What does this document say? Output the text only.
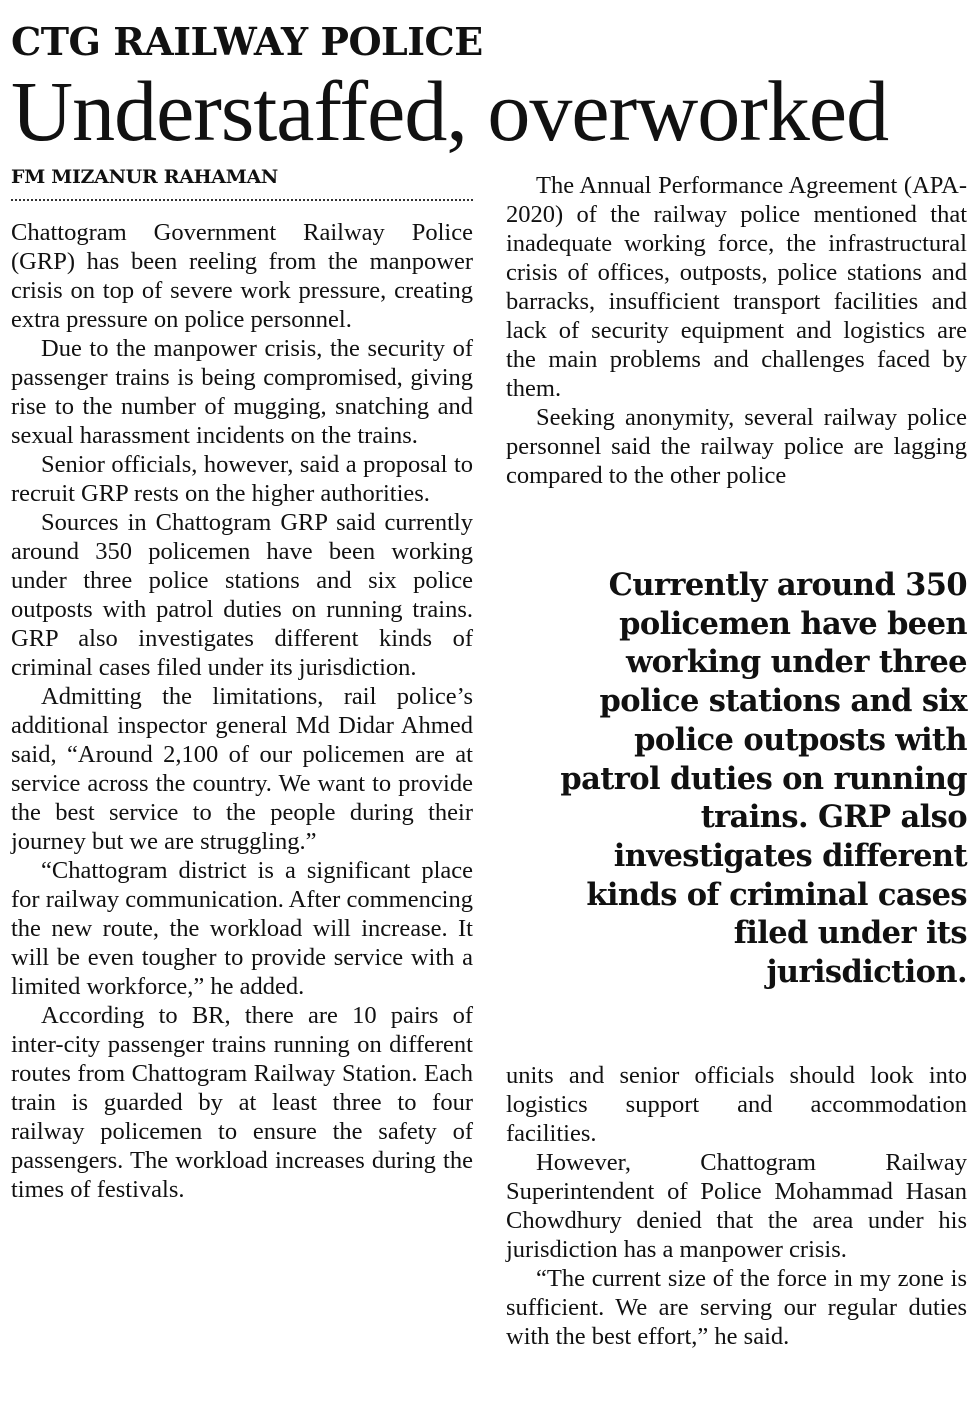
CTG RAILWAY POLICE
Understaffed, overworked
FM MIZANUR RAHAMAN

Chattogram Government Railway Police (GRP) has been reeling from the manpower crisis on top of severe work pressure, creating extra pressure on police personnel.

Due to the manpower crisis, the security of passenger trains is being compromised, giving rise to the number of mugging, snatching and sexual harassment incidents on the trains.

Senior officials, however, said a proposal to recruit GRP rests on the higher authorities.

Sources in Chattogram GRP said currently around 350 policemen have been working under three police stations and six police outposts with patrol duties on running trains. GRP also investigates different kinds of criminal cases filed under its jurisdiction.

Admitting the limitations, rail police’s additional inspector general Md Didar Ahmed said, “Around 2,100 of our policemen are at service across the country. We want to provide the best service to the people during their journey but we are struggling.”

“Chattogram district is a significant place for railway communication. After commencing the new route, the workload will increase. It will be even tougher to provide service with a limited workforce,” he added.

According to BR, there are 10 pairs of inter-city passenger trains running on different routes from Chattogram Railway Station. Each train is guarded by at least three to four railway policemen to ensure the safety of passengers. The workload increases during the times of festivals.

The Annual Performance Agreement (APA-2020) of the railway police mentioned that inadequate working force, the infrastructural crisis of offices, outposts, police stations and barracks, insufficient transport facilities and lack of security equipment and logistics are the main problems and challenges faced by them.

Seeking anonymity, several railway police personnel said the railway police are lagging compared to the other police

Currently around 350 policemen have been working under three police stations and six police outposts with patrol duties on running trains. GRP also investigates different kinds of criminal cases filed under its jurisdiction.

units and senior officials should look into logistics support and accommodation facilities.

However, Chattogram Railway Superintendent of Police Mohammad Hasan Chowdhury denied that the area under his jurisdiction has a manpower crisis.

“The current size of the force in my zone is sufficient. We are serving our regular duties with the best effort,” he said.
